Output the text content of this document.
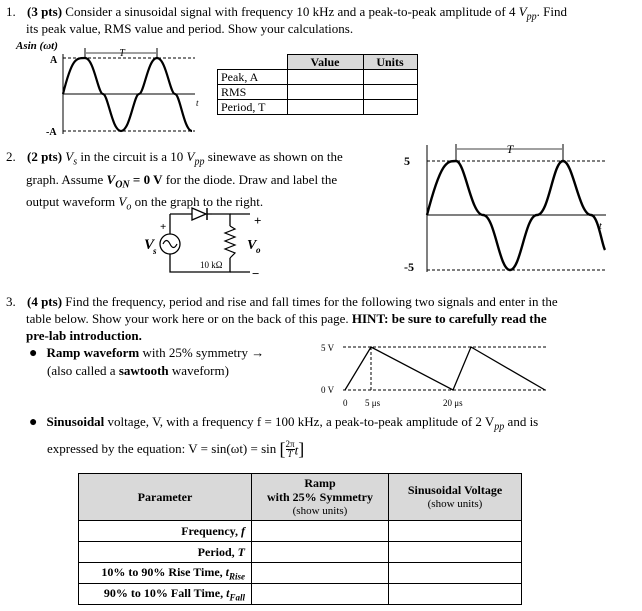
1. (3 pts) Consider a sinusoidal signal with frequency 10 kHz and a peak-to-peak amplitude of 4 $V_{pp}$. Find
its peak value, RMS value and period. Show your calculations.
Asin (ωt)
A
-A
T
t
	Value	Units
Peak, A		
RMS		
Period, T		
2. (2 pts) $V_s$ in the circuit is a 10 $V_{pp}$ sinewave as shown on the
graph. Assume $V_{ON} = 0$ V for the diode. Draw and label the
output waveform $V_o$ on the graph to the right.
+
−
+
V
s	V o
10 kΩ
5
-5
T
t
3. (4 pts) Find the frequency, period and rise and fall times for the following two signals and enter in the
table below. Show your work here or on the back of this page. HINT: be sure to carefully read the
pre-lab introduction.
● Ramp waveform with 25% symmetry →
(also called a sawtooth waveform)
5 V
0 V
0 5 μs	20 μs
● Sinusoidal voltage, V, with a frequency f = 100 kHz, a peak-to-peak amplitude of 2 $V_{pp}$ and is
expressed by the equation: V = sin(ωt) = sin [ $\frac{2\pi}{T} t$]
Parameter	Ramp
with 25% Symmetry
(show units)	Sinusoidal Voltage
(show units)

Frequency, f		
Period, T		
10% to 90% Rise Time, $t_{Rise}$		
90% to 10% Fall Time, $t_{Fall}$		
